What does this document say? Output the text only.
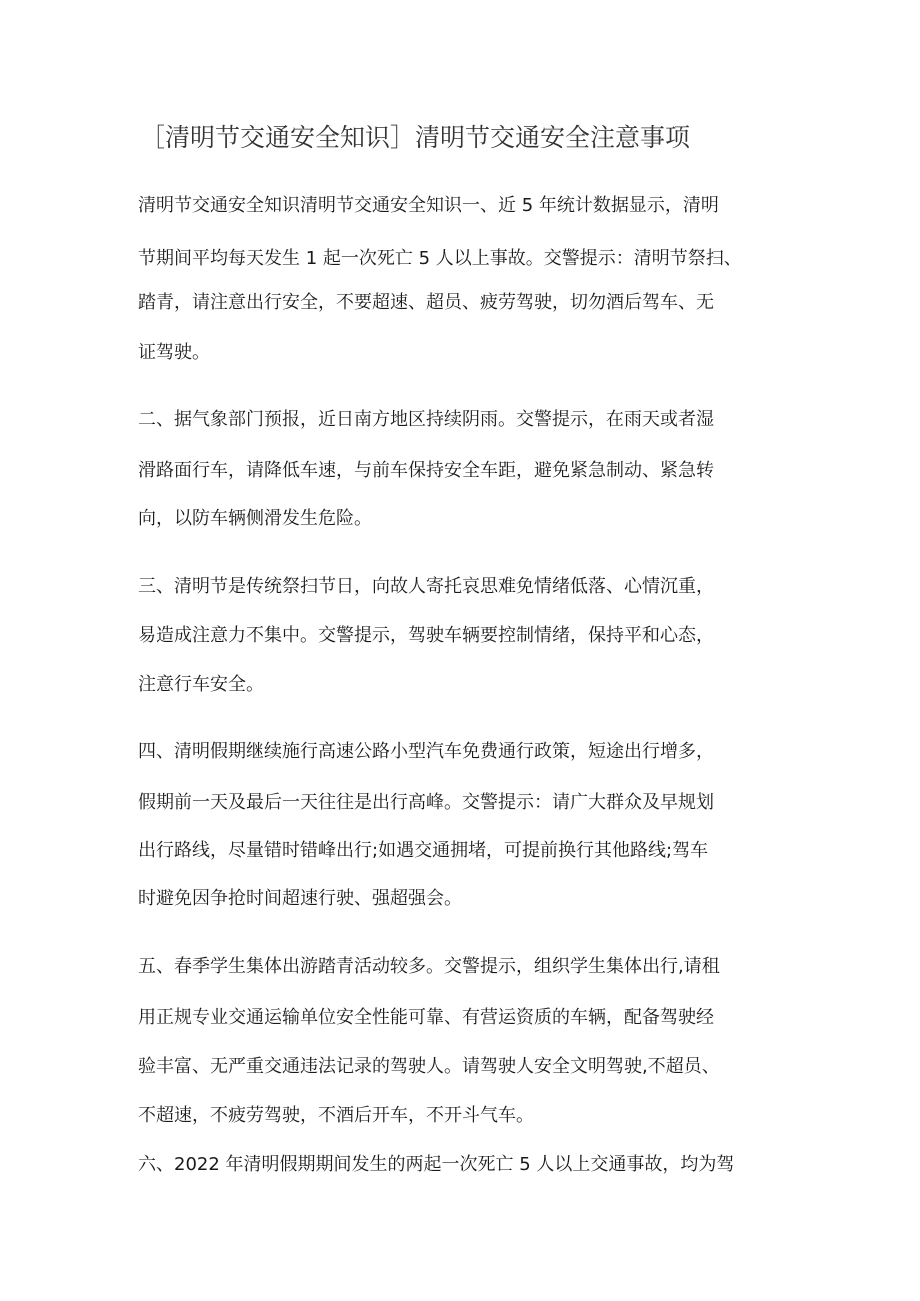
［清明节交通安全知识］清明节交通安全注意事项
清明节交通安全知识清明节交通安全知识一、近 5 年统计数据显示，清明
节期间平均每天发生 1 起一次死亡 5 人以上事故。交警提示：清明节祭扫、
踏青，请注意出行安全，不要超速、超员、疲劳驾驶，切勿酒后驾车、无
证驾驶。
二、据气象部门预报，近日南方地区持续阴雨。交警提示，在雨天或者湿
滑路面行车，请降低车速，与前车保持安全车距，避免紧急制动、紧急转
向，以防车辆侧滑发生危险。
三、清明节是传统祭扫节日，向故人寄托哀思难免情绪低落、心情沉重，
易造成注意力不集中。交警提示，驾驶车辆要控制情绪，保持平和心态，
注意行车安全。
四、清明假期继续施行高速公路小型汽车免费通行政策，短途出行增多，
假期前一天及最后一天往往是出行高峰。交警提示：请广大群众及早规划
出行路线，尽量错时错峰出行;如遇交通拥堵，可提前换行其他路线;驾车
时避免因争抢时间超速行驶、强超强会。
五、春季学生集体出游踏青活动较多。交警提示，组织学生集体出行,请租
用正规专业交通运输单位安全性能可靠、有营运资质的车辆，配备驾驶经
验丰富、无严重交通违法记录的驾驶人。请驾驶人安全文明驾驶,不超员、
不超速，不疲劳驾驶，不酒后开车，不开斗气车。
六、2022 年清明假期期间发生的两起一次死亡 5 人以上交通事故，均为驾
